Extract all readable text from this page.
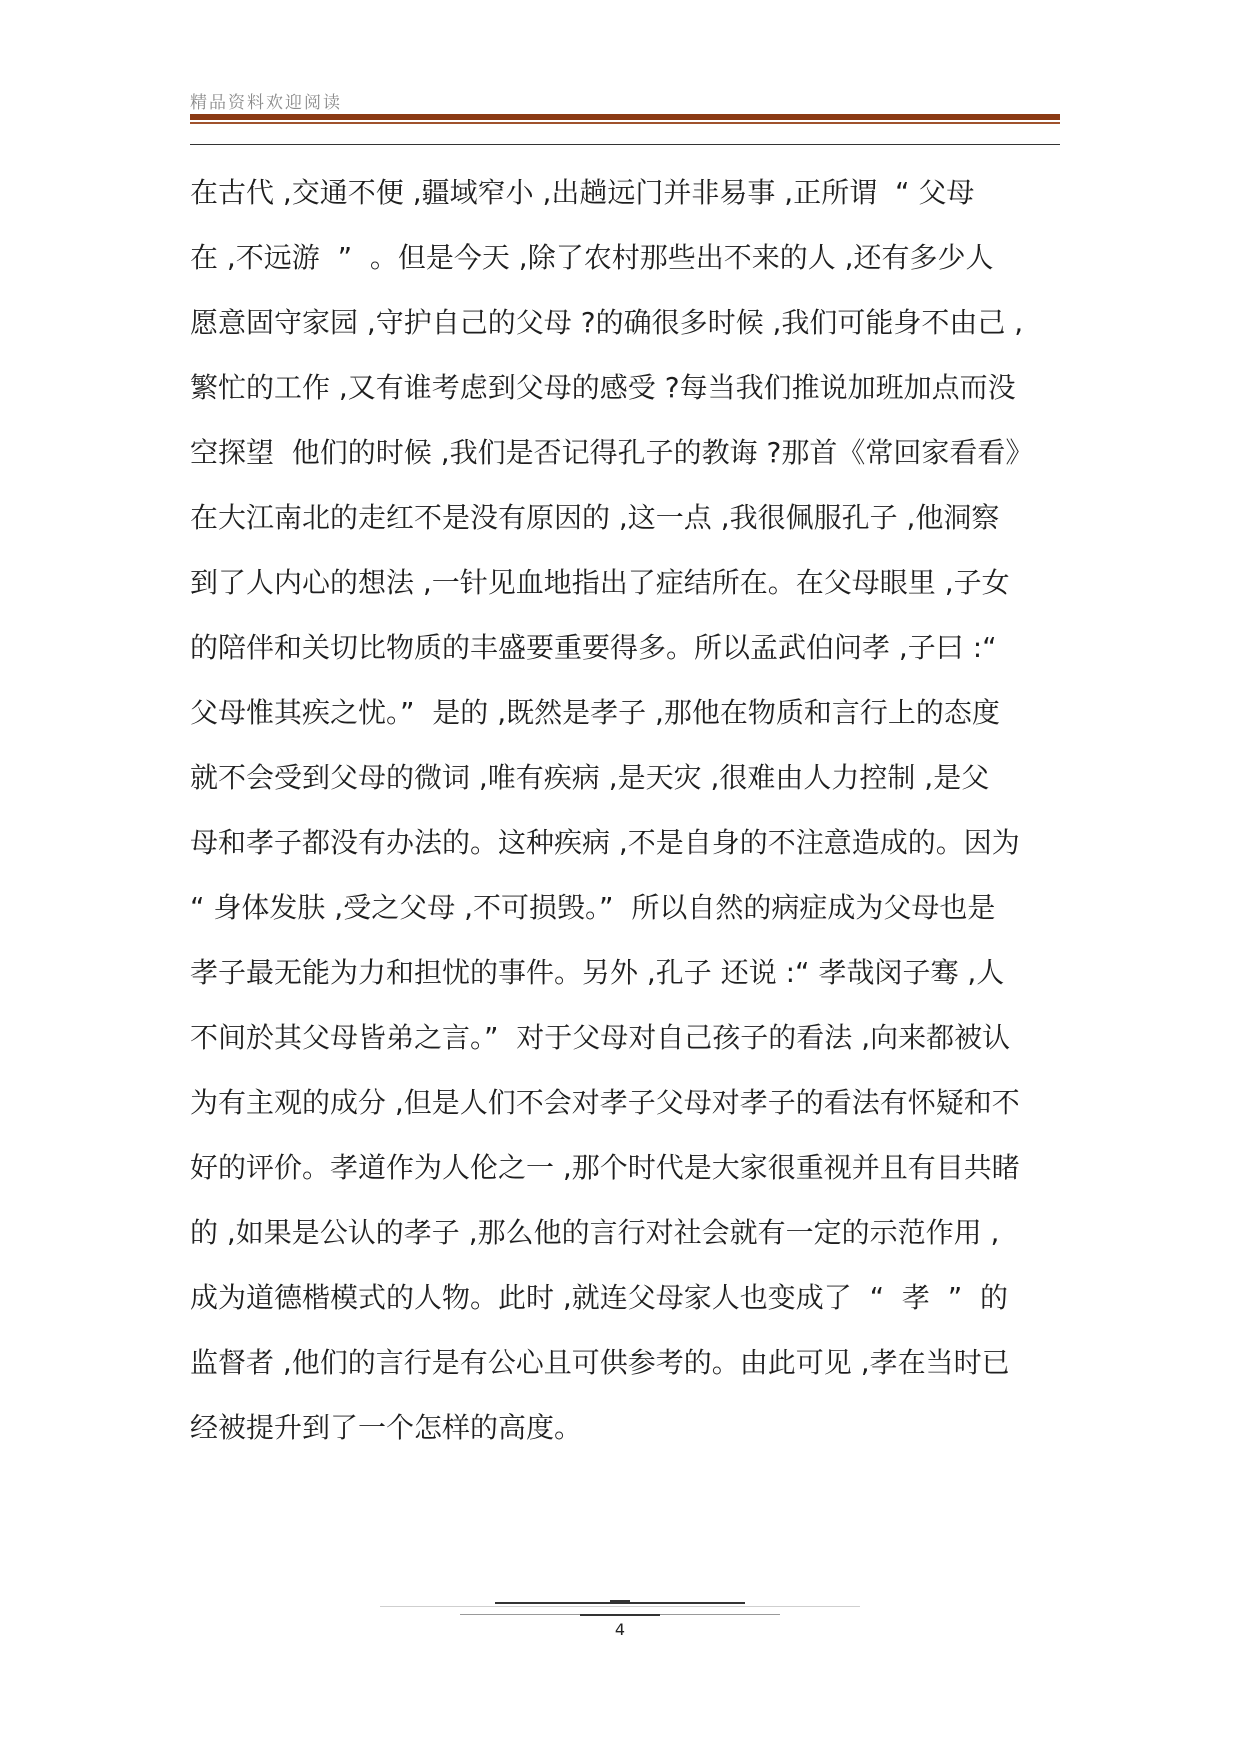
精品资料欢迎阅读
在古代 ,交通不便 ,疆域窄小 ,出趟远门并非易事 ,正所谓  “ 父母
在 ,不远游  ”  。但是今天 ,除了农村那些出不来的人 ,还有多少人
愿意固守家园 ,守护自己的父母 ?的确很多时候 ,我们可能身不由己 ,
繁忙的工作 ,又有谁考虑到父母的感受 ?每当我们推说加班加点而没
空探望  他们的时候 ,我们是否记得孔子的教诲 ?那首《常回家看看》
在大江南北的走红不是没有原因的 ,这一点 ,我很佩服孔子 ,他洞察
到了人内心的想法 ,一针见血地指出了症结所在。在父母眼里 ,子女
的陪伴和关切比物质的丰盛要重要得多。所以孟武伯问孝 ,子曰 :“
父母惟其疾之忧。”  是的 ,既然是孝子 ,那他在物质和言行上的态度
就不会受到父母的微词 ,唯有疾病 ,是天灾 ,很难由人力控制 ,是父
母和孝子都没有办法的。这种疾病 ,不是自身的不注意造成的。因为
“ 身体发肤 ,受之父母 ,不可损毁。”  所以自然的病症成为父母也是
孝子最无能为力和担忧的事件。另外 ,孔子 还说 :“ 孝哉闵子骞 ,人
不间於其父母皆弟之言。”  对于父母对自己孩子的看法 ,向来都被认
为有主观的成分 ,但是人们不会对孝子父母对孝子的看法有怀疑和不
好的评价。孝道作为人伦之一 ,那个时代是大家很重视并且有目共睹
的 ,如果是公认的孝子 ,那么他的言行对社会就有一定的示范作用 ,
成为道德楷模式的人物。此时 ,就连父母家人也变成了  “  孝  ”  的
监督者 ,他们的言行是有公心且可供参考的。由此可见 ,孝在当时已
经被提升到了一个怎样的高度。
4
